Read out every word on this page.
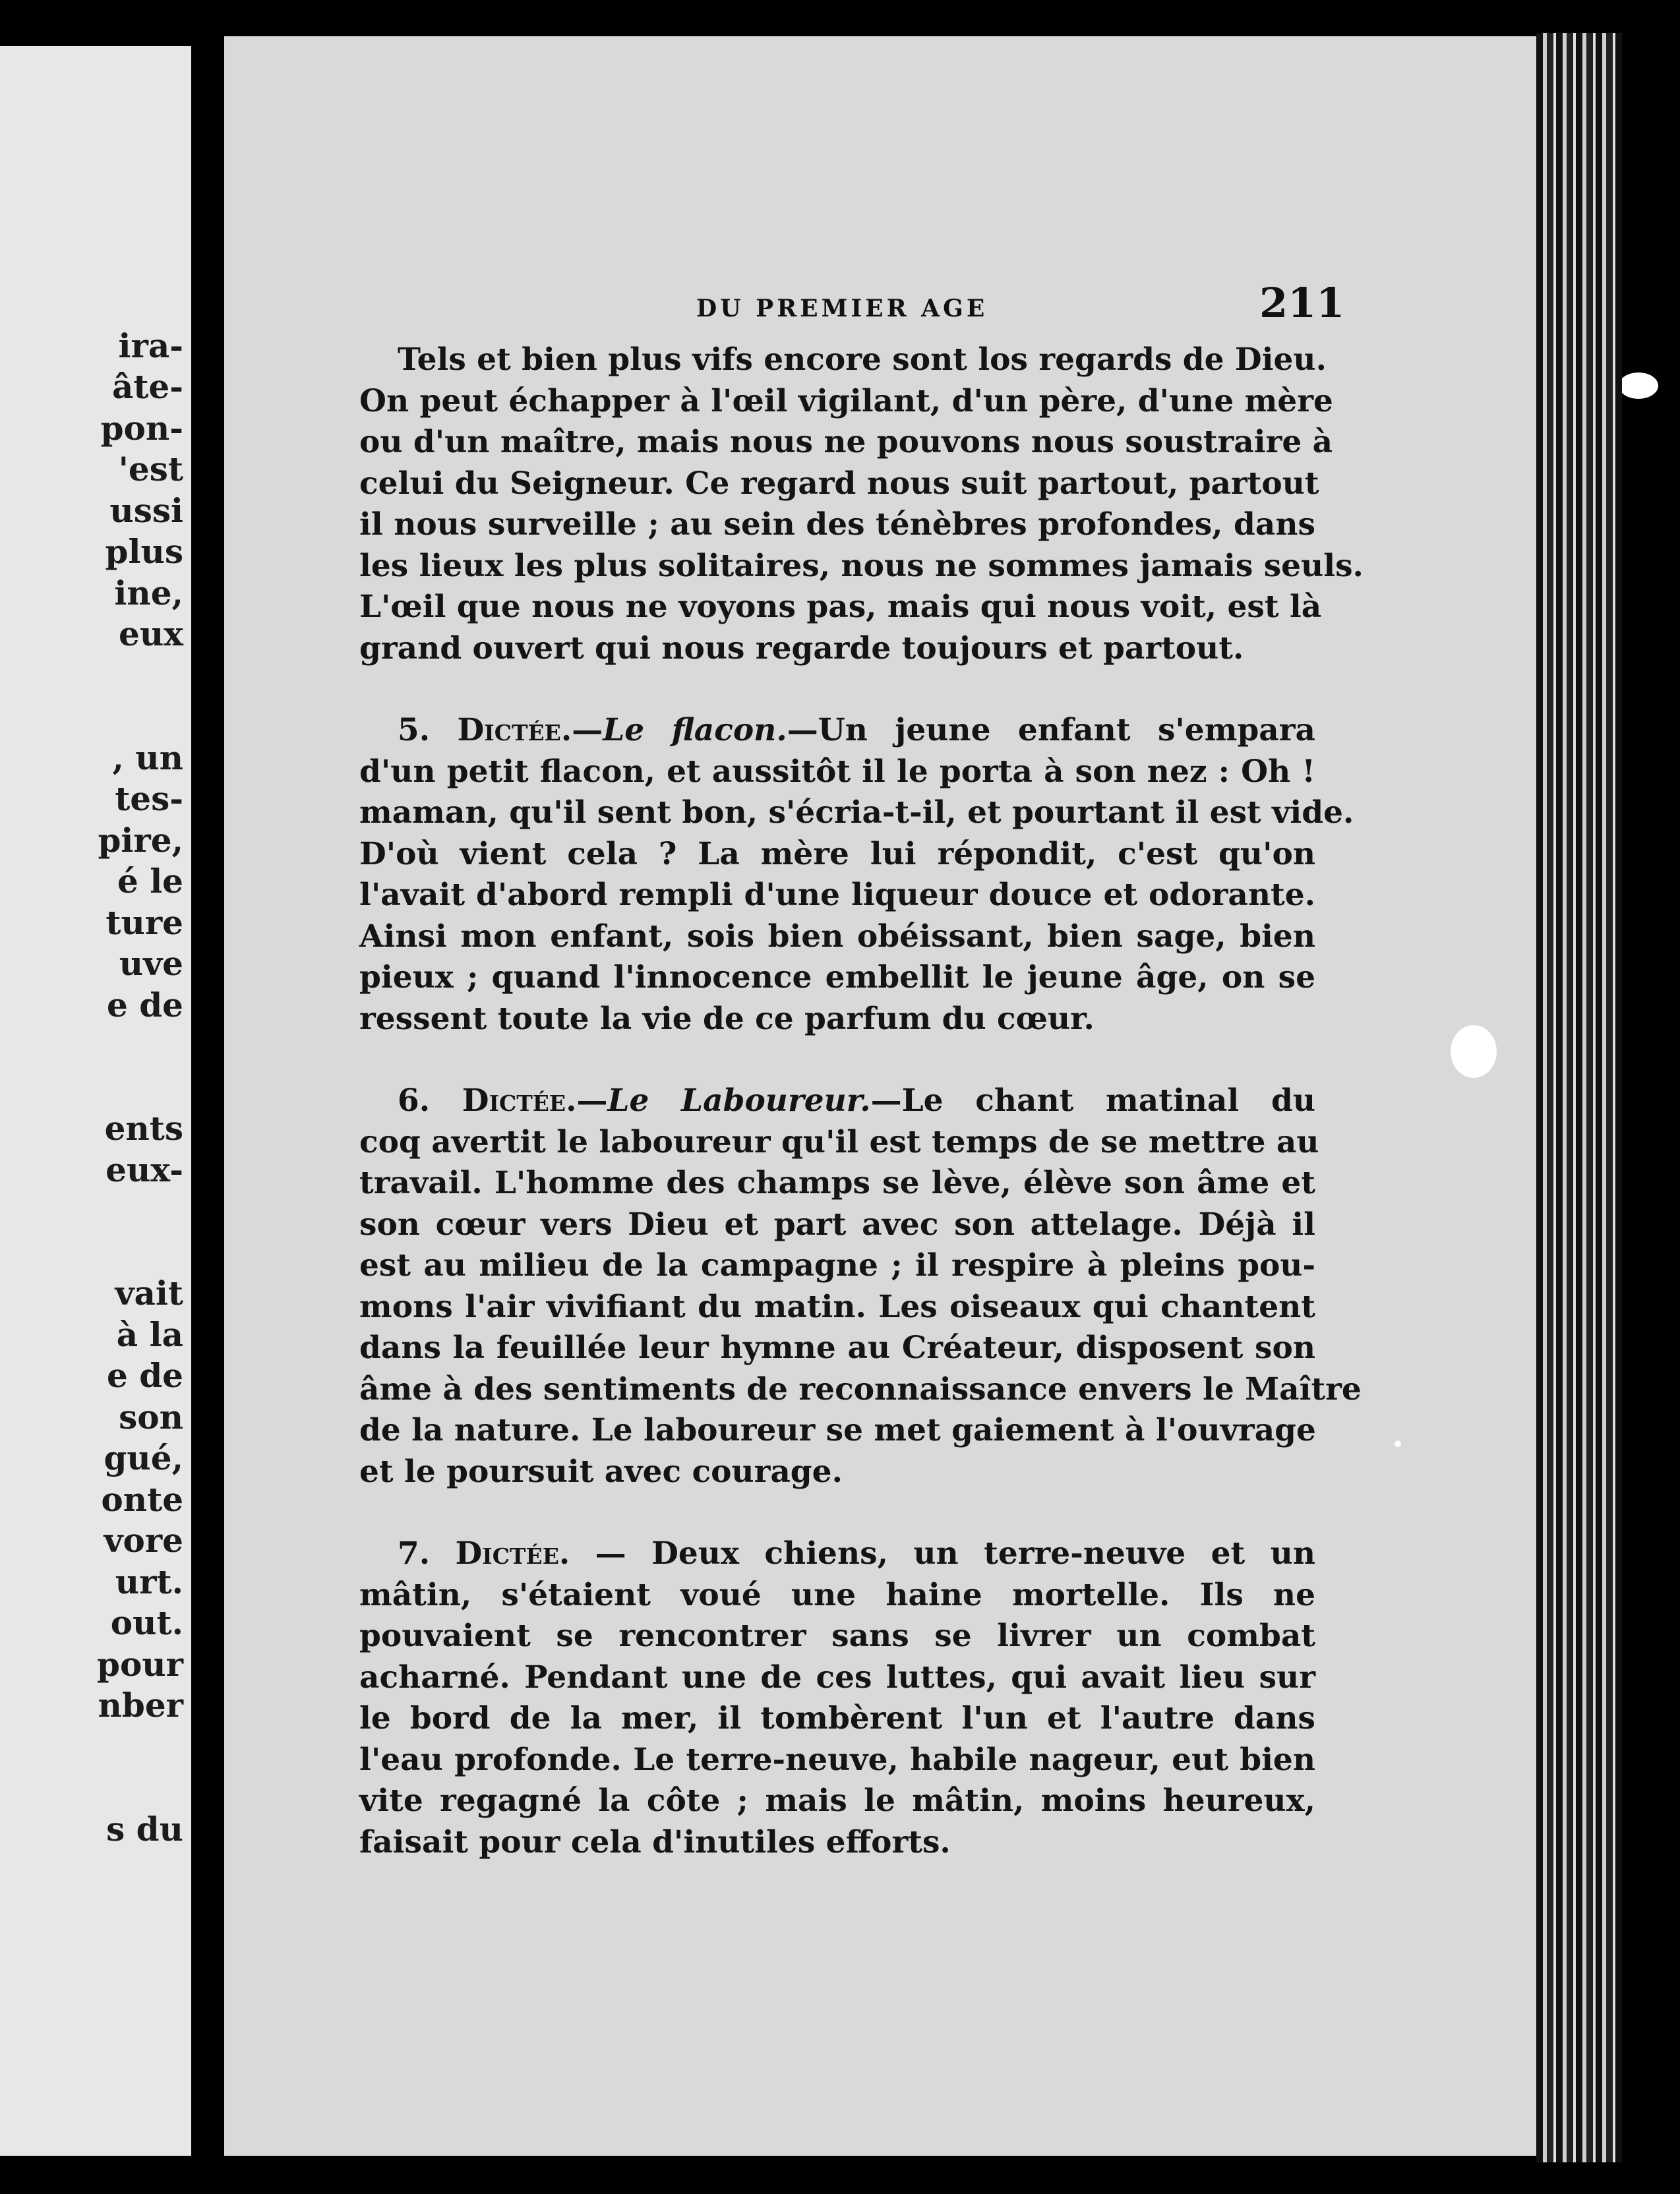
ira-
âte-
pon-
'est
ussi
plus
ine,
eux
, un
tes-
pire,
é le
ture
uve
e de
ents
eux-
vait
à la
e de
son
gué,
onte
vore
urt.
out.
pour
nber
s du
DU PREMIER AGE	211
Tels et bien plus vifs encore sont los regards de Dieu.
On peut échapper à l'œil vigilant, d'un père, d'une mère
ou d'un maître, mais nous ne pouvons nous soustraire à
celui du Seigneur. Ce regard nous suit partout, partout
il nous surveille ; au sein des ténèbres profondes, dans
les lieux les plus solitaires, nous ne sommes jamais seuls.
L'œil que nous ne voyons pas, mais qui nous voit, est là
grand ouvert qui nous regarde toujours et partout.
5. Dictée.—Le flacon.—Un jeune enfant s'empara
d'un petit flacon, et aussitôt il le porta à son nez : Oh !
maman, qu'il sent bon, s'écria-t-il, et pourtant il est vide.
D'où vient cela ? La mère lui répondit, c'est qu'on
l'avait d'abord rempli d'une liqueur douce et odorante.
Ainsi mon enfant, sois bien obéissant, bien sage, bien
pieux ; quand l'innocence embellit le jeune âge, on se
ressent toute la vie de ce parfum du cœur.
6. Dictée.—Le Laboureur.—Le chant matinal du
coq avertit le laboureur qu'il est temps de se mettre au
travail. L'homme des champs se lève, élève son âme et
son cœur vers Dieu et part avec son attelage. Déjà il
est au milieu de la campagne ; il respire à pleins pou-
mons l'air vivifiant du matin. Les oiseaux qui chantent
dans la feuillée leur hymne au Créateur, disposent son
âme à des sentiments de reconnaissance envers le Maître
de la nature. Le laboureur se met gaiement à l'ouvrage
et le poursuit avec courage.
7. Dictée. — Deux chiens, un terre-neuve et un
mâtin, s'étaient voué une haine mortelle. Ils ne
pouvaient se rencontrer sans se livrer un combat
acharné. Pendant une de ces luttes, qui avait lieu sur
le bord de la mer, il tombèrent l'un et l'autre dans
l'eau profonde. Le terre-neuve, habile nageur, eut bien
vite regagné la côte ; mais le mâtin, moins heureux,
faisait pour cela d'inutiles efforts.
